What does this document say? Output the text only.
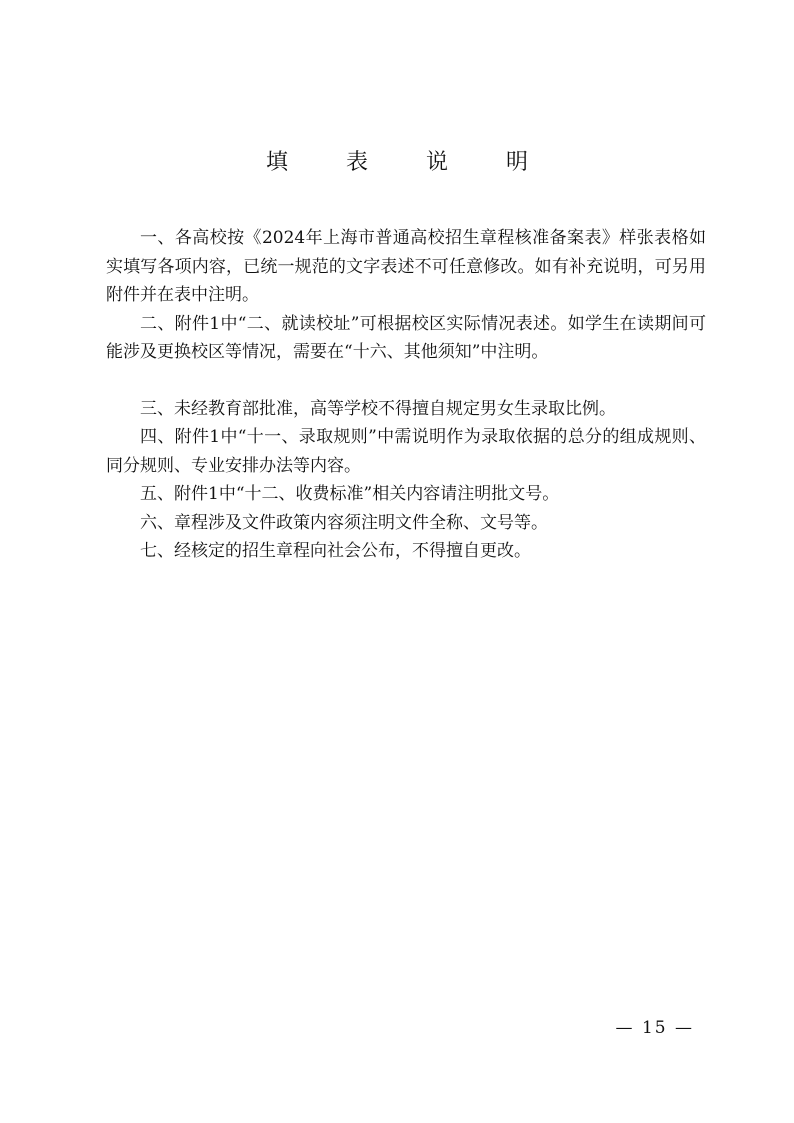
填　表　说　明

一、各高校按《2024年上海市普通高校招生章程核准备案表》样张表格如实填写各项内容，已统一规范的文字表述不可任意修改。如有补充说明，可另用附件并在表中注明。

二、附件1中“二、就读校址”可根据校区实际情况表述。如学生在读期间可能涉及更换校区等情况，需要在“十六、其他须知”中注明。

三、未经教育部批准，高等学校不得擅自规定男女生录取比例。

四、附件1中“十一、录取规则”中需说明作为录取依据的总分的组成规则、同分规则、专业安排办法等内容。

五、附件1中“十二、收费标准”相关内容请注明批文号。

六、章程涉及文件政策内容须注明文件全称、文号等。

七、经核定的招生章程向社会公布，不得擅自更改。

— 15 —
